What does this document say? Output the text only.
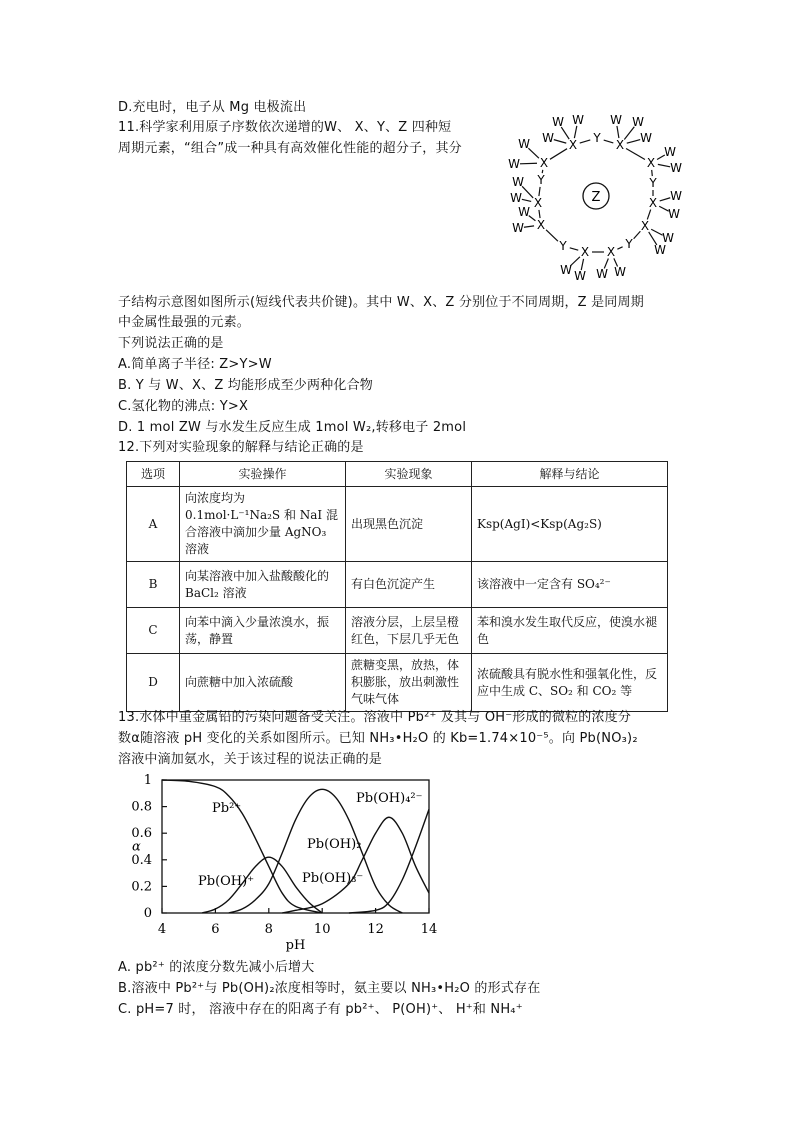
D.充电时，电子从 Mg 电极流出
11.科学家利用原子序数依次递增的W、 X、Y、Z 四种短
周期元素，“组合”成一种具有高效催化性能的超分子，其分
W
W
W W W
W
W
W
W
W
W
W
W
W
W
W
W
W
W
W
W
W
X Y X
X
Y
X
X
Y
X
X
Y
X
X
Y
X
Z
子结构示意图如图所示(短线代表共价键)。其中 W、X、Z 分别位于不同周期，Z 是同周期
中金属性最强的元素。
下列说法正确的是
A.简单离子半径: Z>Y>W
B. Y 与 W、X、Z 均能形成至少两种化合物
C.氢化物的沸点: Y>X
D. 1 mol ZW 与水发生反应生成 1mol W₂,转移电子 2mol
12.下列对实验现象的解释与结论正确的是
选项	实验操作	实验现象	解释与结论
A	向浓度均为 0.1mol·L⁻¹Na₂S 和 NaI 混合溶液中滴加少量 AgNO₃ 溶液	出现黑色沉淀	Ksp(AgI)<Ksp(Ag₂S)
B	向某溶液中加入盐酸酸化的 BaCl₂ 溶液	有白色沉淀产生	该溶液中一定含有 SO₄²⁻
C	向苯中滴入少量浓溴水，振荡，静置	溶液分层，上层呈橙红色，下层几乎无色	苯和溴水发生取代反应，使溴水褪色
D	向蔗糖中加入浓硫酸	蔗糖变黑，放热，体积膨胀，放出刺激性气味气体	浓硫酸具有脱水性和强氧化性，反应中生成 C、SO₂ 和 CO₂ 等
13.水体中重金属铅的污染问题备受关注。溶液中 Pb²⁺ 及其与 OH⁻形成的微粒的浓度分
数α随溶液 pH 变化的关系如图所示。已知 NH₃•H₂O 的 Kb=1.74×10⁻⁵。向 Pb(NO₃)₂
溶液中滴加氨水，关于该过程的说法正确的是
0
0.2
0.4
0.6
0.8
1
4	6	8	10	12	14
pH
α
Pb²⁺
Pb(OH)₂
Pb(OH)₄²⁻
Pb(OH)⁺	Pb(OH)₃⁻
A. pb²⁺ 的浓度分数先减小后增大
B.溶液中 Pb²⁺与 Pb(OH)₂浓度相等时，氨主要以 NH₃•H₂O 的形式存在
C. pH=7 时， 溶液中存在的阳离子有 pb²⁺、 P(OH)⁺、 H⁺和 NH₄⁺
